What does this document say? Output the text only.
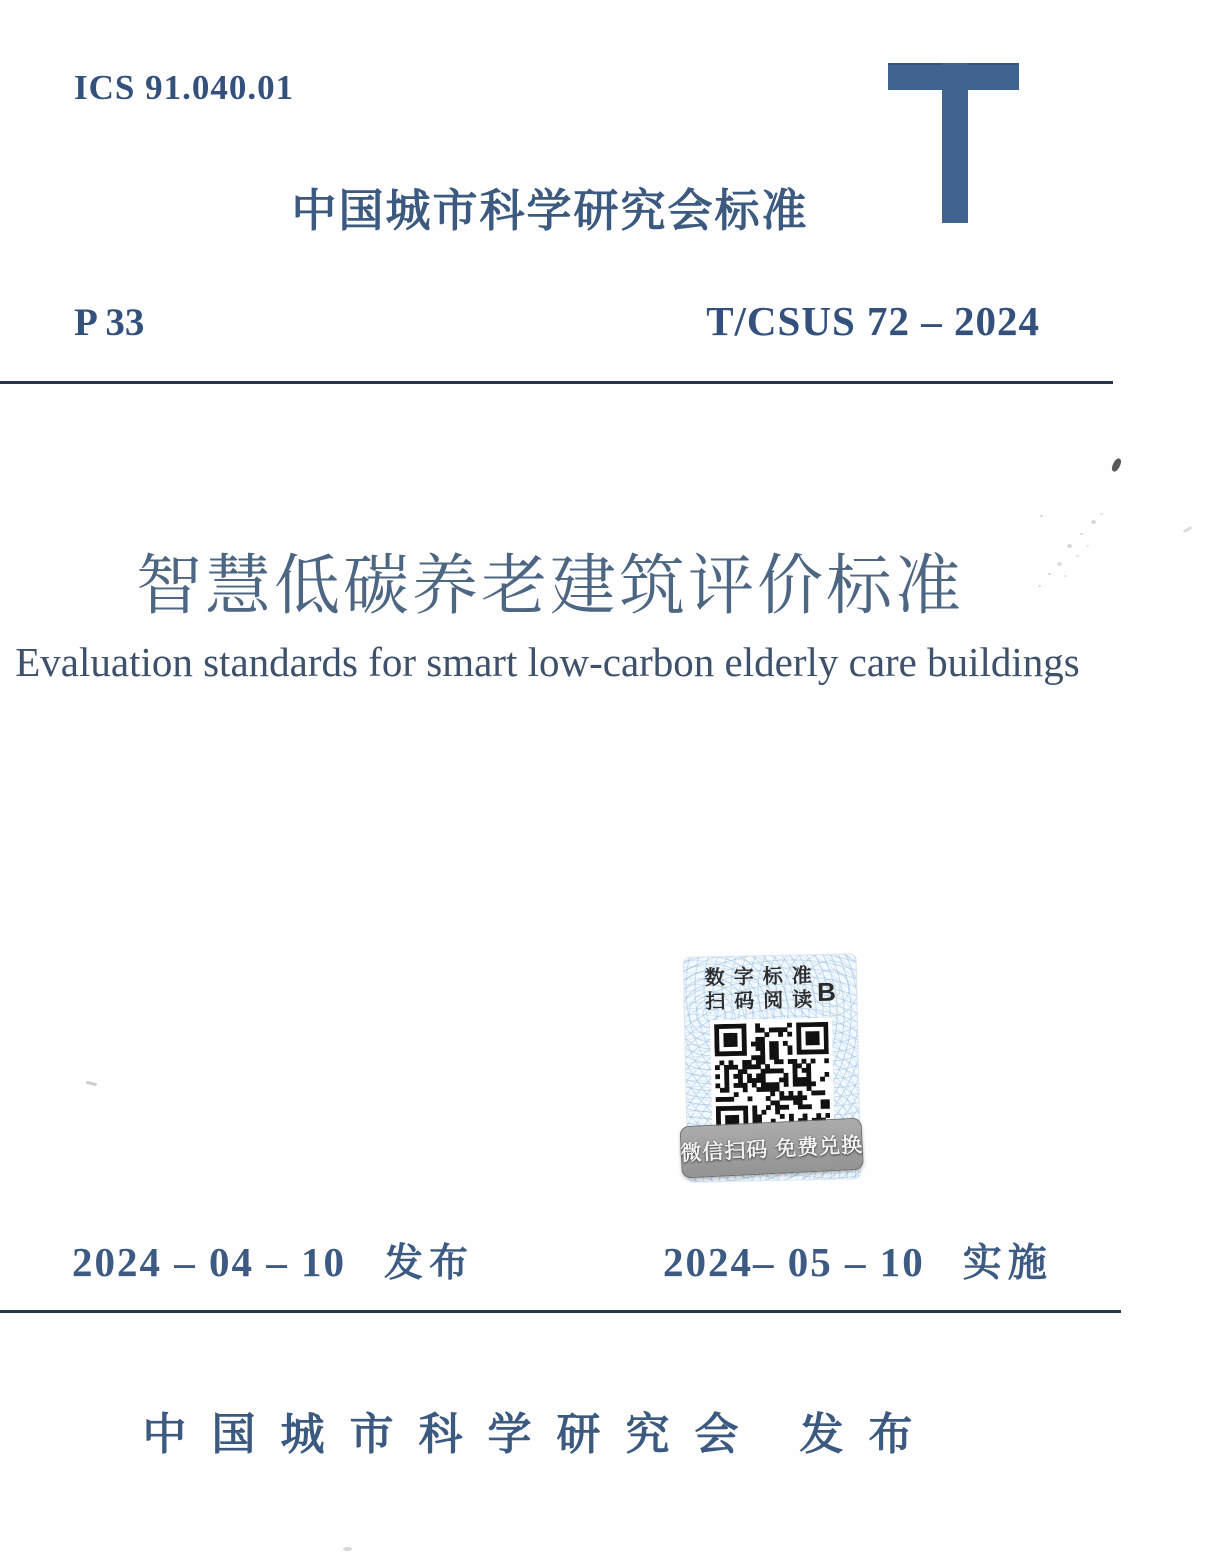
ICS 91.040.01
中国城市科学研究会标准
P 33	T/CSUS 72 – 2024
智慧低碳养老建筑评价标准
Evaluation standards for smart low-carbon elderly care buildings
数字标准
扫码阅读
B
微信扫码 免费兑换
2024 – 04 – 10 发布	2024– 05 – 10 实施
中国城市科学研究会 发布
